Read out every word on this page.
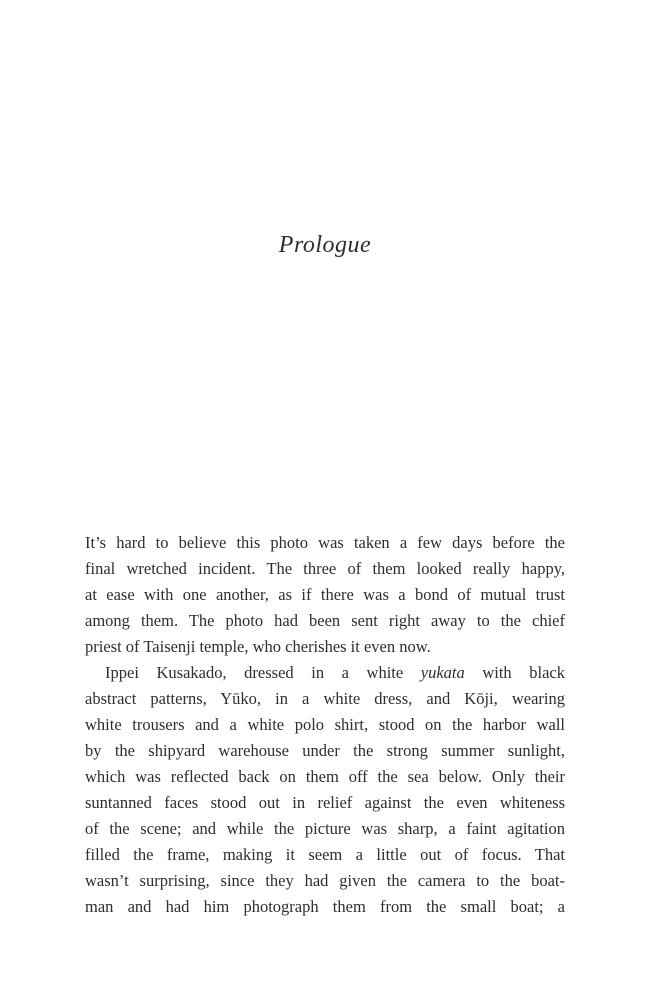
Prologue
It’s hard to believe this photo was taken a few days before the
final wretched incident. The three of them looked really happy,
at ease with one another, as if there was a bond of mutual trust
among them. The photo had been sent right away to the chief
priest of Taisenji temple, who cherishes it even now.
Ippei Kusakado, dressed in a white yukata with black
abstract patterns, Yūko, in a white dress, and Kōji, wearing
white trousers and a white polo shirt, stood on the harbor wall
by the shipyard warehouse under the strong summer sunlight,
which was reflected back on them off the sea below. Only their
suntanned faces stood out in relief against the even whiteness
of the scene; and while the picture was sharp, a faint agitation
filled the frame, making it seem a little out of focus. That
wasn’t surprising, since they had given the camera to the boat-
man and had him photograph them from the small boat; a
